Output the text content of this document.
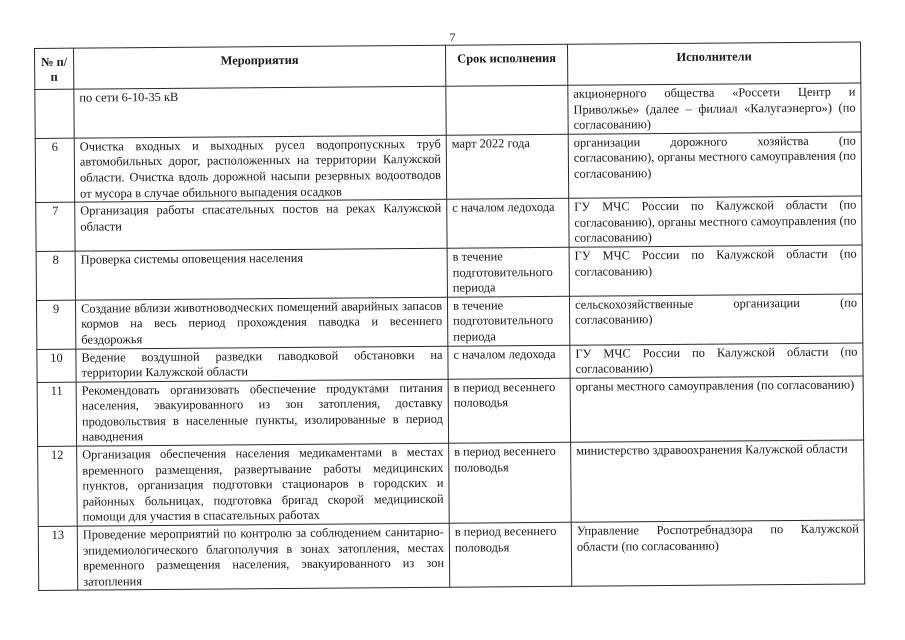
7
№ п/п	Мероприятия	Срок исполнения	Исполнители
	по сети 6-10-35 кВ		акционерного общества «Россети Центр и Приволжье» (далее – филиал «Калугаэнерго») (по согласованию)
6	Очистка входных и выходных русел водопропускных труб автомобильных дорог, расположенных на территории Калужской области. Очистка вдоль дорожной насыпи резервных водоотводов от мусора в случае обильного выпадения осадков	март 2022 года	организации дорожного хозяйства (по согласованию), органы местного самоуправления (по согласованию)
7	Организация работы спасательных постов на реках Калужской области	с началом ледохода	ГУ МЧС России по Калужской области (по согласованию), органы местного самоуправления (по согласованию)
8	Проверка системы оповещения населения	в течение подготовительного периода	ГУ МЧС России по Калужской области (по согласованию)
9	Создание вблизи животноводческих помещений аварийных запасов кормов на весь период прохождения паводка и весеннего бездорожья	в течение подготовительного периода	сельскохозяйственные организации (по согласованию)
10	Ведение воздушной разведки паводковой обстановки на территории Калужской области	с началом ледохода	ГУ МЧС России по Калужской области (по согласованию)
11	Рекомендовать организовать обеспечение продуктами питания населения, эвакуированного из зон затопления, доставку продовольствия в населенные пункты, изолированные в период наводнения	в период весеннего половодья	органы местного самоуправления (по согласованию)
12	Организация обеспечения населения медикаментами в местах временного размещения, развертывание работы медицинских пунктов, организация подготовки стационаров в городских и районных больницах, подготовка бригад скорой медицинской помощи для участия в спасательных работах	в период весеннего половодья	министерство здравоохранения Калужской области
13	Проведение мероприятий по контролю за соблюдением санитарно-эпидемиологического благополучия в зонах затопления, местах временного размещения населения, эвакуированного из зон затопления	в период весеннего половодья	Управление Роспотребнадзора по Калужской области (по согласованию)
